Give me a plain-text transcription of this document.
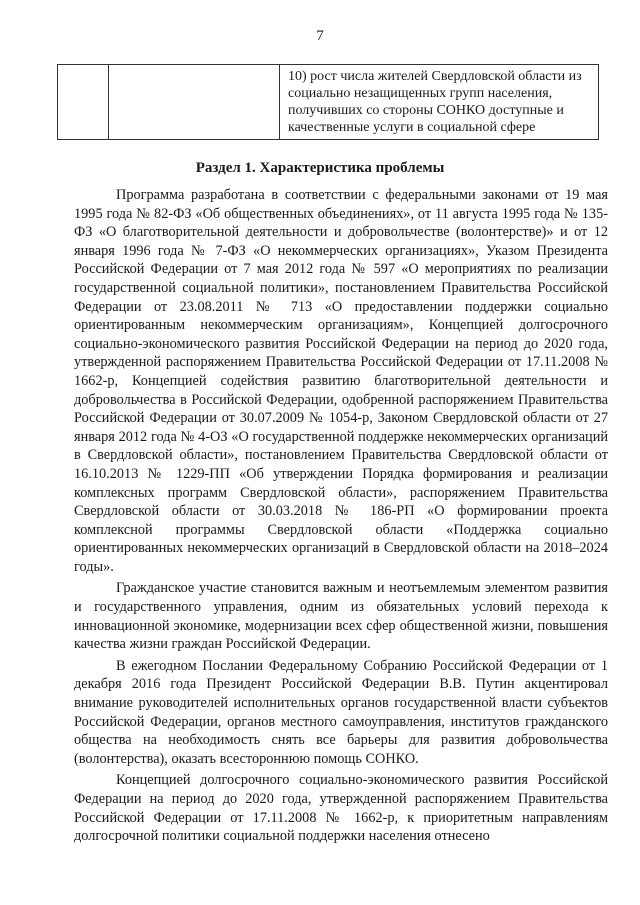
7
		10) рост числа жителей Свердловской области из социально незащищенных групп населения, получивших со стороны СОНКО доступные и качественные услуги в социальной сфере
Раздел 1. Характеристика проблемы

Программа разработана в соответствии с федеральными законами от 19 мая 1995 года № 82-ФЗ «Об общественных объединениях», от 11 августа 1995 года № 135-ФЗ «О благотворительной деятельности и добровольчестве (волонтерстве)» и от 12 января 1996 года № 7-ФЗ «О некоммерческих организациях», Указом Президента Российской Федерации от 7 мая 2012 года № 597 «О мероприятиях по реализации государственной социальной политики», постановлением Правительства Российской Федерации от 23.08.2011 № 713 «О предоставлении поддержки социально ориентированным некоммерческим организациям», Концепцией долгосрочного социально-экономического развития Российской Федерации на период до 2020 года, утвержденной распоряжением Правительства Российской Федерации от 17.11.2008 № 1662-р, Концепцией содействия развитию благотворительной деятельности и добровольчества в Российской Федерации, одобренной распоряжением Правительства Российской Федерации от 30.07.2009 № 1054-р, Законом Свердловской области от 27 января 2012 года № 4-ОЗ «О государственной поддержке некоммерческих организаций в Свердловской области», постановлением Правительства Свердловской области от 16.10.2013 № 1229-ПП «Об утверждении Порядка формирования и реализации комплексных программ Свердловской области», распоряжением Правительства Свердловской области от 30.03.2018 № 186-РП «О формировании проекта комплексной программы Свердловской области «Поддержка социально ориентированных некоммерческих организаций в Свердловской области на 2018–2024 годы».

Гражданское участие становится важным и неотъемлемым элементом развития и государственного управления, одним из обязательных условий перехода к инновационной экономике, модернизации всех сфер общественной жизни, повышения качества жизни граждан Российской Федерации.

В ежегодном Послании Федеральному Собранию Российской Федерации от 1 декабря 2016 года Президент Российской Федерации В.В. Путин акцентировал внимание руководителей исполнительных органов государственной власти субъектов Российской Федерации, органов местного самоуправления, институтов гражданского общества на необходимость снять все барьеры для развития добровольчества (волонтерства), оказать всестороннюю помощь СОНКО.

Концепцией долгосрочного социально-экономического развития Российской Федерации на период до 2020 года, утвержденной распоряжением Правительства Российской Федерации от 17.11.2008 № 1662-р, к приоритетным направлениям долгосрочной политики социальной поддержки населения отнесено
